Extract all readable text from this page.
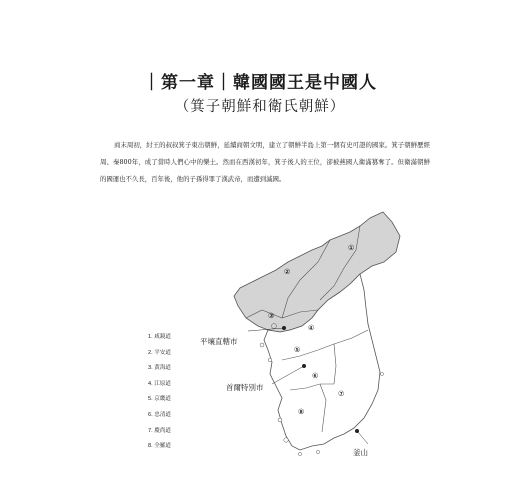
｜第一章｜韓國國王是中國人
（箕子朝鮮和衛氏朝鮮）

商末周初，紂王的叔叔箕子東出朝鮮，延續商朝文明，建立了朝鮮半島上第一個有史可證的國家。箕子朝鮮歷經周、秦800年，成了當時人們心中的樂土。然而在西漢初年，箕子後人的王位，卻被燕國人衛滿篡奪了。但衛滿朝鮮的國運也不久長，百年後，他的子孫得罪了漢武帝，而遭到滅國。

1. 咸鏡道
2. 平安道
3. 黃海道
4. 江原道
5. 京畿道
6. 忠清道
7. 慶尚道
8. 全羅道
①
②
③
④
⑤
⑥
⑦
⑧
平壤直轄市
首爾特別市
釜山
